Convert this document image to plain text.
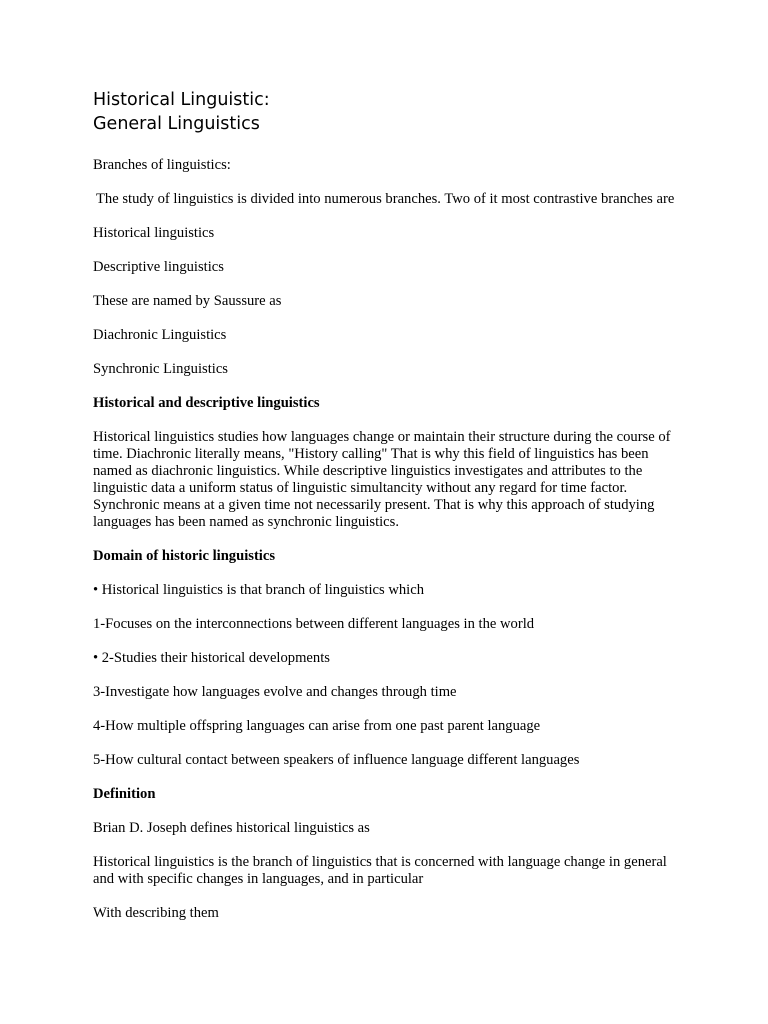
Historical Linguistic:
General Linguistics

Branches of linguistics:

The study of linguistics is divided into numerous branches. Two of it most contrastive branches are

Historical linguistics

Descriptive linguistics

These are named by Saussure as

Diachronic Linguistics

Synchronic Linguistics

Historical and descriptive linguistics

Historical linguistics studies how languages change or maintain their structure during the course of time. Diachronic literally means, "History calling" That is why this field of linguistics has been named as diachronic linguistics. While descriptive linguistics investigates and attributes to the linguistic data a uniform status of linguistic simultancity without any regard for time factor. Synchronic means at a given time not necessarily present. That is why this approach of studying languages has been named as synchronic linguistics.

Domain of historic linguistics

• Historical linguistics is that branch of linguistics which

1-Focuses on the interconnections between different languages in the world

• 2-Studies their historical developments

3-Investigate how languages evolve and changes through time

4-How multiple offspring languages can arise from one past parent language

5-How cultural contact between speakers of influence language different languages

Definition

Brian D. Joseph defines historical linguistics as

Historical linguistics is the branch of linguistics that is concerned with language change in general and with specific changes in languages, and in particular

With describing them
